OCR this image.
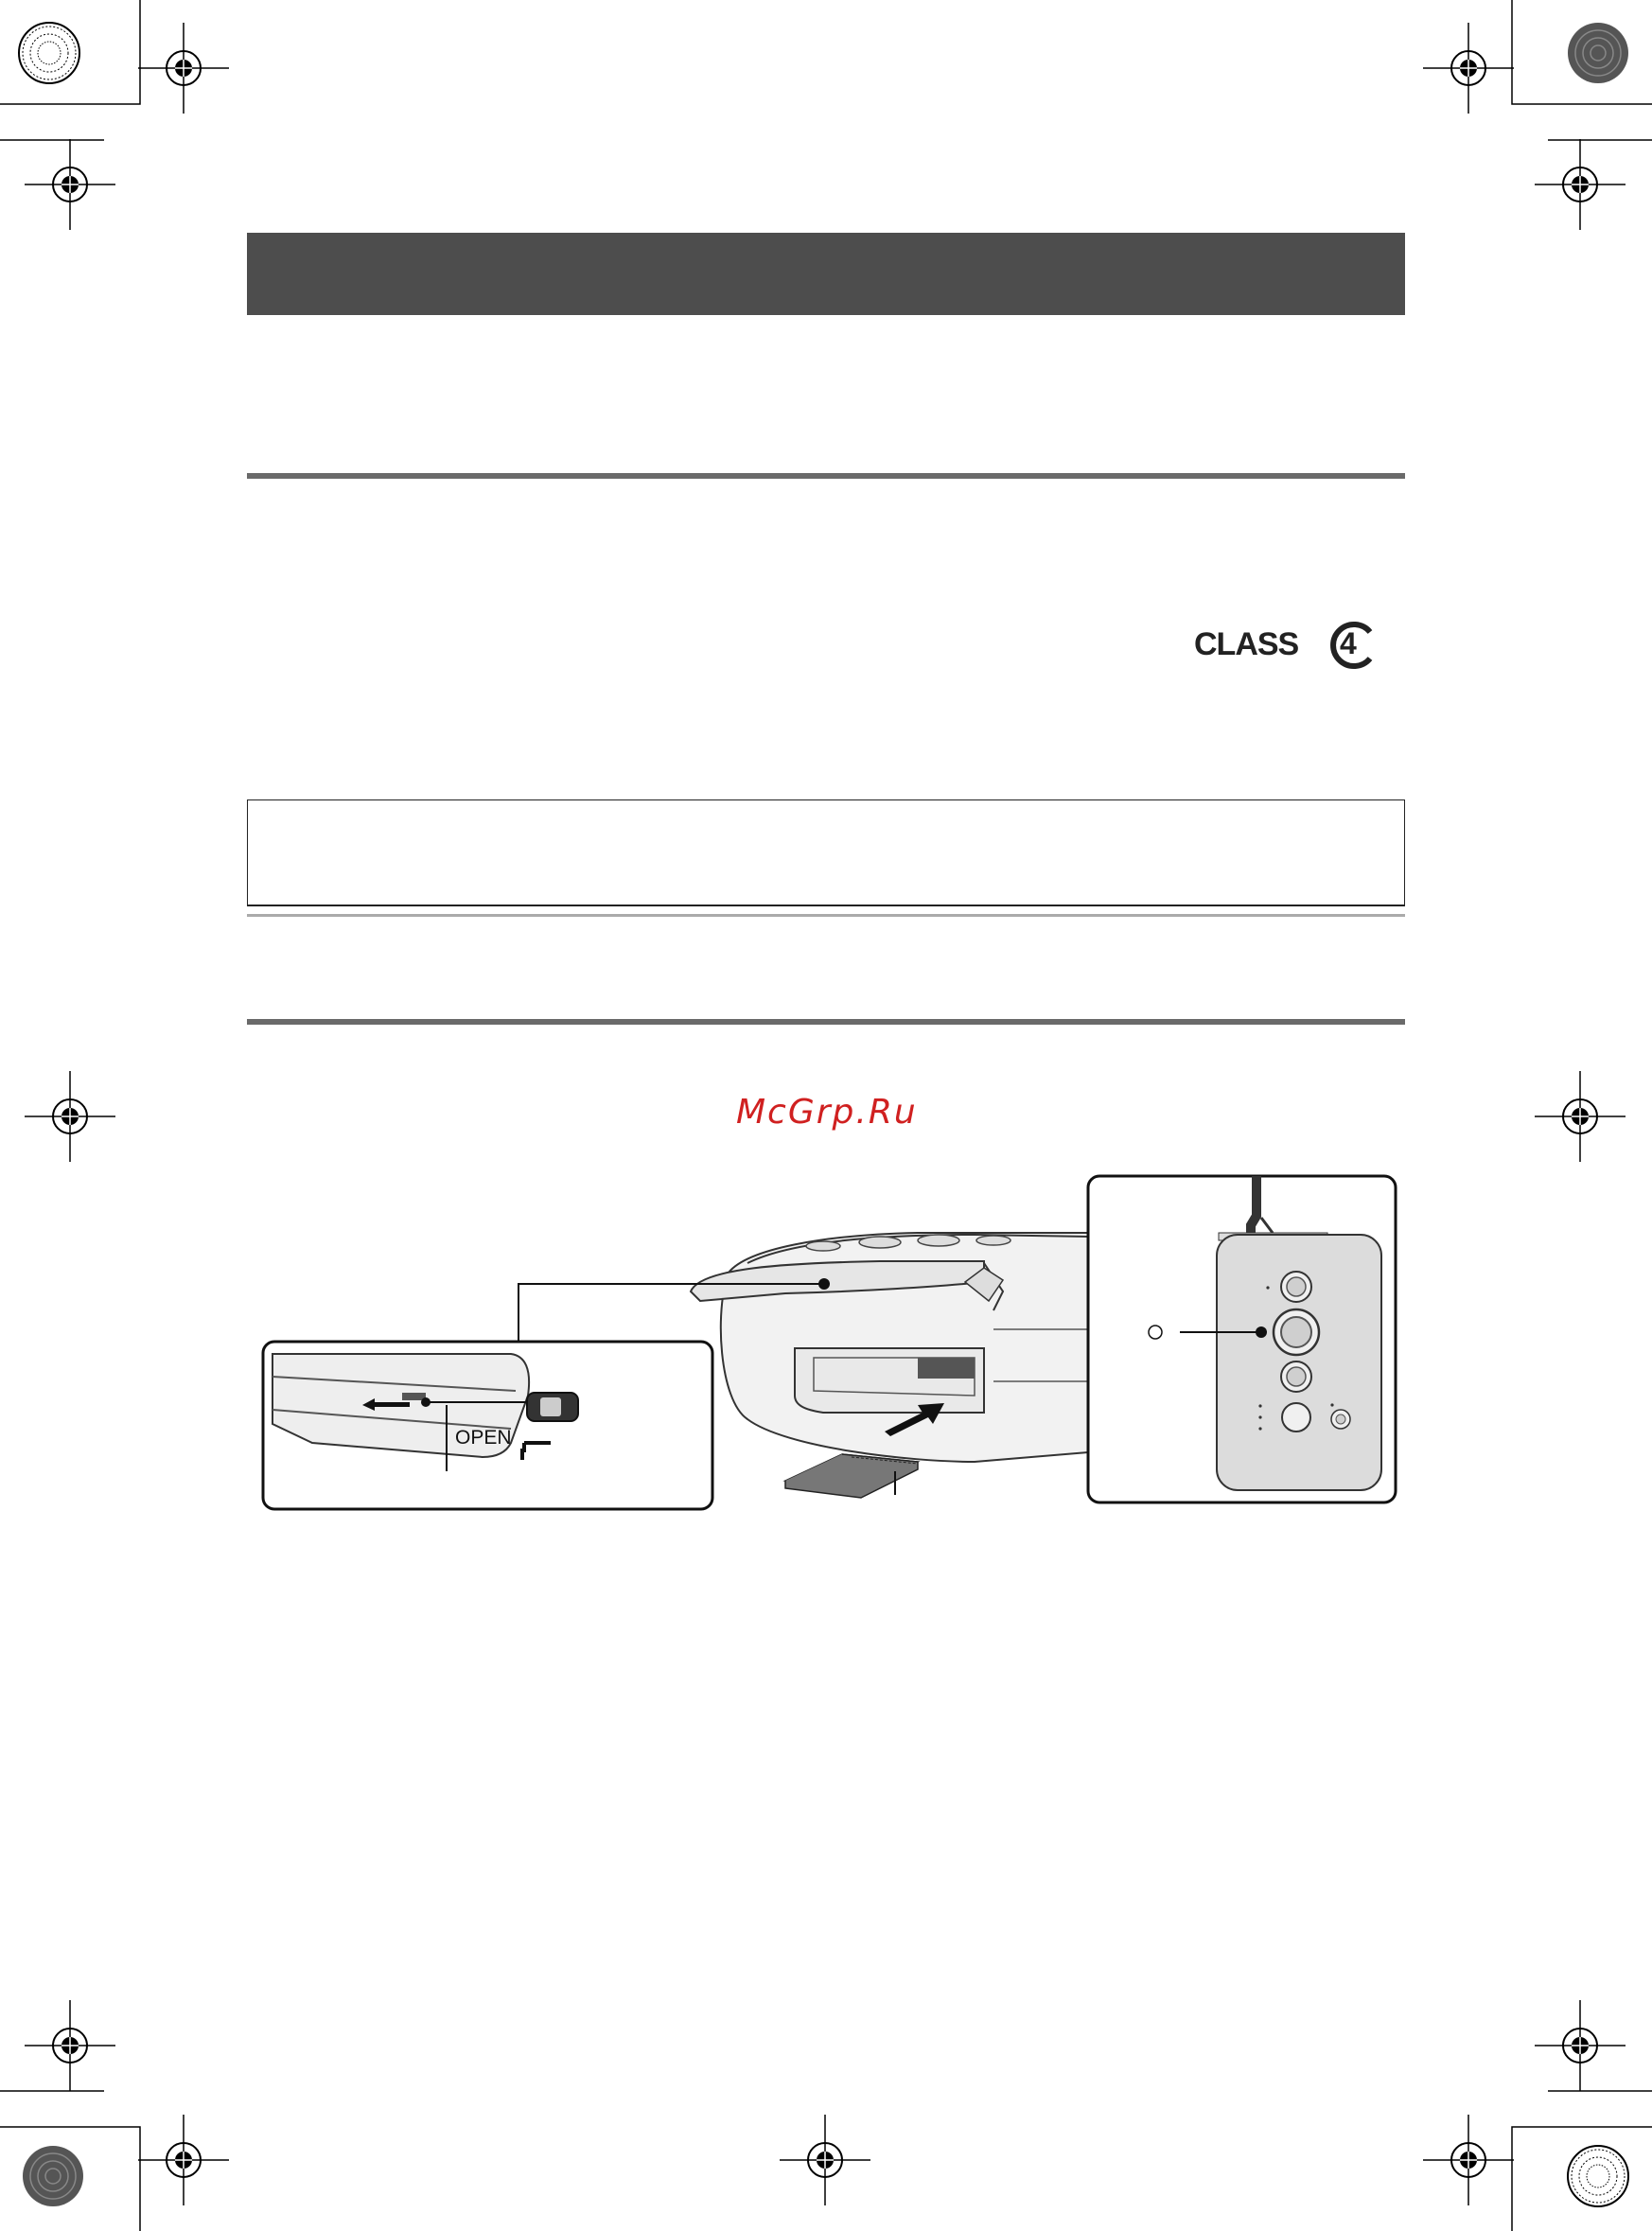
CLASS 4
McGrp.Ru
OPEN
